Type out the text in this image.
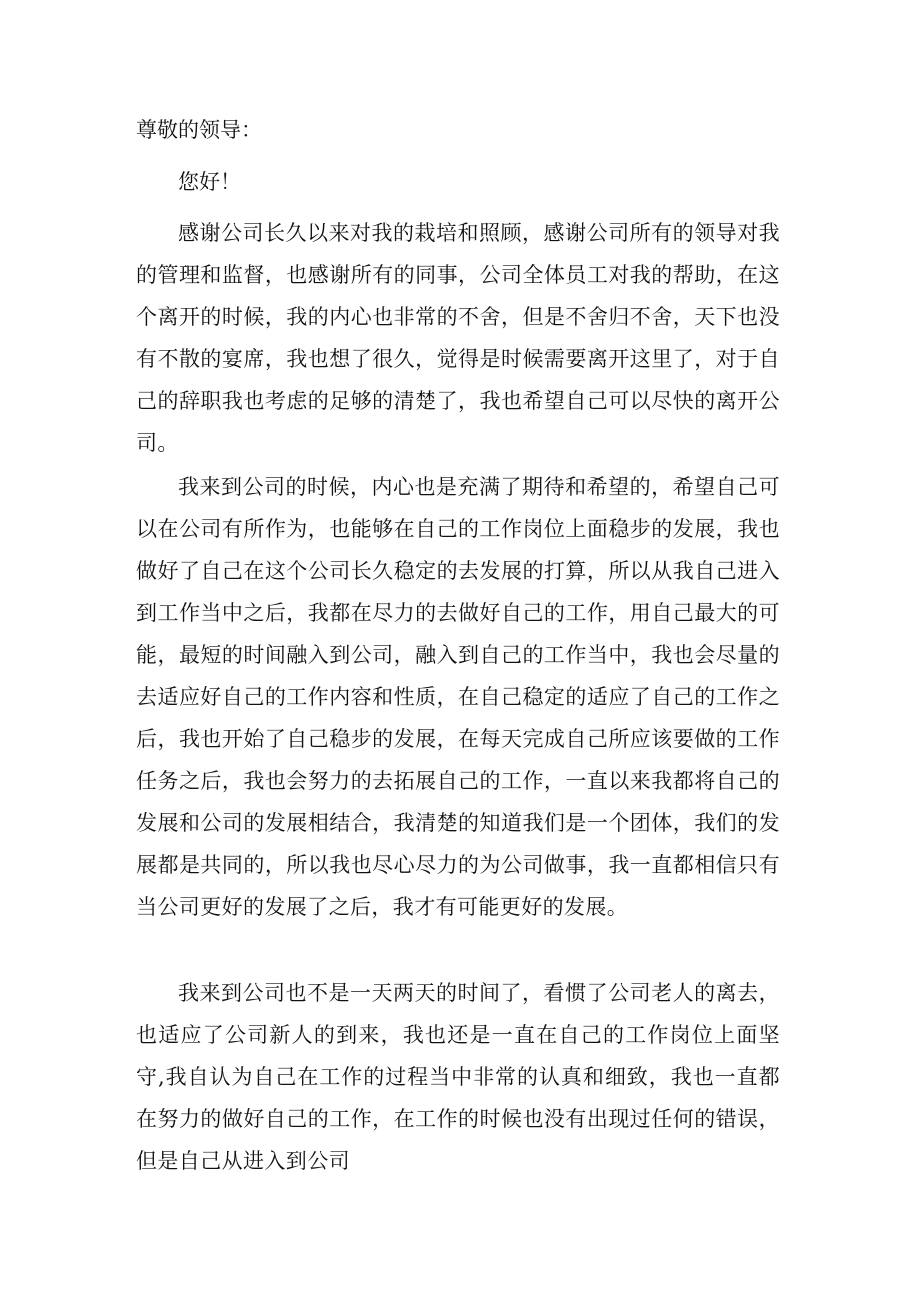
尊敬的领导：
您好！

感谢公司长久以来对我的栽培和照顾，感谢公司所有的领导对我的管理和监督，也感谢所有的同事，公司全体员工对我的帮助，在这个离开的时候，我的内心也非常的不舍，但是不舍归不舍，天下也没有不散的宴席，我也想了很久，觉得是时候需要离开这里了，对于自己的辞职我也考虑的足够的清楚了，我也希望自己可以尽快的离开公司。

我来到公司的时候，内心也是充满了期待和希望的，希望自己可以在公司有所作为，也能够在自己的工作岗位上面稳步的发展，我也做好了自己在这个公司长久稳定的去发展的打算，所以从我自己进入到工作当中之后，我都在尽力的去做好自己的工作，用自己最大的可能，最短的时间融入到公司，融入到自己的工作当中，我也会尽量的去适应好自己的工作内容和性质，在自己稳定的适应了自己的工作之后，我也开始了自己稳步的发展，在每天完成自己所应该要做的工作任务之后，我也会努力的去拓展自己的工作，一直以来我都将自己的发展和公司的发展相结合，我清楚的知道我们是一个团体，我们的发展都是共同的，所以我也尽心尽力的为公司做事，我一直都相信只有当公司更好的发展了之后，我才有可能更好的发展。

我来到公司也不是一天两天的时间了，看惯了公司老人的离去，也适应了公司新人的到来，我也还是一直在自己的工作岗位上面坚守,我自认为自己在工作的过程当中非常的认真和细致，我也一直都在努力的做好自己的工作，在工作的时候也没有出现过任何的错误，但是自己从进入到公司
